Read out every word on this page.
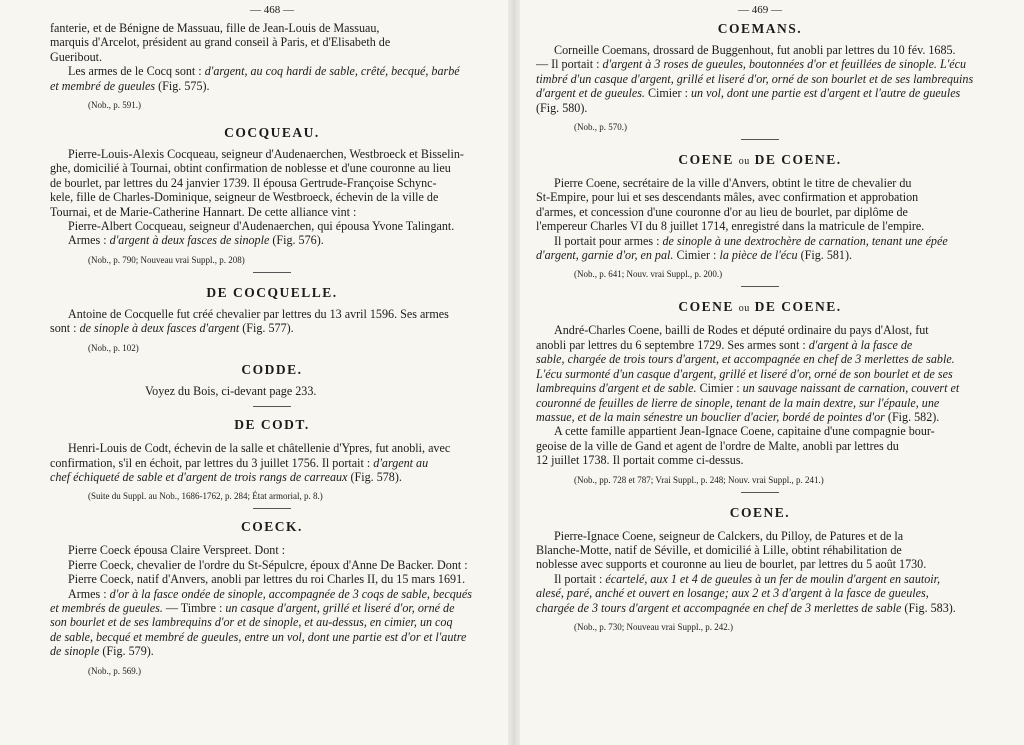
— 468 —

fanterie, et de Bénigne de Massuau, fille de Jean-Louis de Massuau,

marquis d'Arcelot, président au grand conseil à Paris, et d'Elisabeth de

Gueribout.

Les armes de le Cocq sont : d'argent, au coq hardi de sable, crêté, becqué, barbé

et membré de gueules (Fig. 575).

(Nob., p. 591.)

COCQUEAU.

Pierre-Louis-Alexis Cocqueau, seigneur d'Audenaerchen, Westbroeck et Bisselin-

ghe, domicilié à Tournai, obtint confirmation de noblesse et d'une couronne au lieu

de bourlet, par lettres du 24 janvier 1739. Il épousa Gertrude-Françoise Schync-

kele, fille de Charles-Dominique, seigneur de Westbroeck, échevin de la ville de

Tournai, et de Marie-Catherine Hannart. De cette alliance vint :

Pierre-Albert Cocqueau, seigneur d'Audenaerchen, qui épousa Yvone Talingant.

Armes : d'argent à deux fasces de sinople (Fig. 576).

(Nob., p. 790; Nouveau vrai Suppl., p. 208)

DE COCQUELLE.

Antoine de Cocquelle fut créé chevalier par lettres du 13 avril 1596. Ses armes

sont : de sinople à deux fasces d'argent (Fig. 577).

(Nob., p. 102)

CODDE.

Voyez du Bois, ci-devant page 233.

DE CODT.

Henri-Louis de Codt, échevin de la salle et châtellenie d'Ypres, fut anobli, avec

confirmation, s'il en échoit, par lettres du 3 juillet 1756. Il portait : d'argent au

chef échiqueté de sable et d'argent de trois rangs de carreaux (Fig. 578).

(Suite du Suppl. au Nob., 1686-1762, p. 284; État armorial, p. 8.)

COECK.

Pierre Coeck épousa Claire Verspreet. Dont :

Pierre Coeck, chevalier de l'ordre du St-Sépulcre, époux d'Anne De Backer. Dont :

Pierre Coeck, natif d'Anvers, anobli par lettres du roi Charles II, du 15 mars 1691.

Armes : d'or à la fasce ondée de sinople, accompagnée de 3 coqs de sable, becqués

et membrés de gueules. — Timbre : un casque d'argent, grillé et liseré d'or, orné de

son bourlet et de ses lambrequins d'or et de sinople, et au-dessus, en cimier, un coq

de sable, becqué et membré de gueules, entre un vol, dont une partie est d'or et l'autre

de sinople (Fig. 579).

(Nob., p. 569.)

— 469 —

COEMANS.

Corneille Coemans, drossard de Buggenhout, fut anobli par lettres du 10 fév. 1685.

— Il portait : d'argent à 3 roses de gueules, boutonnées d'or et feuillées de sinople. L'écu

timbré d'un casque d'argent, grillé et liseré d'or, orné de son bourlet et de ses lambrequins

d'argent et de gueules. Cimier : un vol, dont une partie est d'argent et l'autre de gueules

(Fig. 580).

(Nob., p. 570.)

COENE ou DE COENE.

Pierre Coene, secrétaire de la ville d'Anvers, obtint le titre de chevalier du

St-Empire, pour lui et ses descendants mâles, avec confirmation et approbation

d'armes, et concession d'une couronne d'or au lieu de bourlet, par diplôme de

l'empereur Charles VI du 8 juillet 1714, enregistré dans la matricule de l'empire.

Il portait pour armes : de sinople à une dextrochère de carnation, tenant une épée

d'argent, garnie d'or, en pal. Cimier : la pièce de l'écu (Fig. 581).

(Nob., p. 641; Nouv. vrai Suppl., p. 200.)

COENE ou DE COENE.

André-Charles Coene, bailli de Rodes et député ordinaire du pays d'Alost, fut

anobli par lettres du 6 septembre 1729. Ses armes sont : d'argent à la fasce de

sable, chargée de trois tours d'argent, et accompagnée en chef de 3 merlettes de sable.

L'écu surmonté d'un casque d'argent, grillé et liseré d'or, orné de son bourlet et de ses

lambrequins d'argent et de sable. Cimier : un sauvage naissant de carnation, couvert et

couronné de feuilles de lierre de sinople, tenant de la main dextre, sur l'épaule, une

massue, et de la main sénestre un bouclier d'acier, bordé de pointes d'or (Fig. 582).

A cette famille appartient Jean-Ignace Coene, capitaine d'une compagnie bour-

geoise de la ville de Gand et agent de l'ordre de Malte, anobli par lettres du

12 juillet 1738. Il portait comme ci-dessus.

(Nob., pp. 728 et 787; Vrai Suppl., p. 248; Nouv. vrai Suppl., p. 241.)

COENE.

Pierre-Ignace Coene, seigneur de Calckers, du Pilloy, de Patures et de la

Blanche-Motte, natif de Séville, et domicilié à Lille, obtint réhabilitation de

noblesse avec supports et couronne au lieu de bourlet, par lettres du 5 août 1730.

Il portait : écartelé, aux 1 et 4 de gueules à un fer de moulin d'argent en sautoir,

alesé, paré, anché et ouvert en losange; aux 2 et 3 d'argent à la fasce de gueules,

chargée de 3 tours d'argent et accompagnée en chef de 3 merlettes de sable (Fig. 583).

(Nob., p. 730; Nouveau vrai Suppl., p. 242.)
